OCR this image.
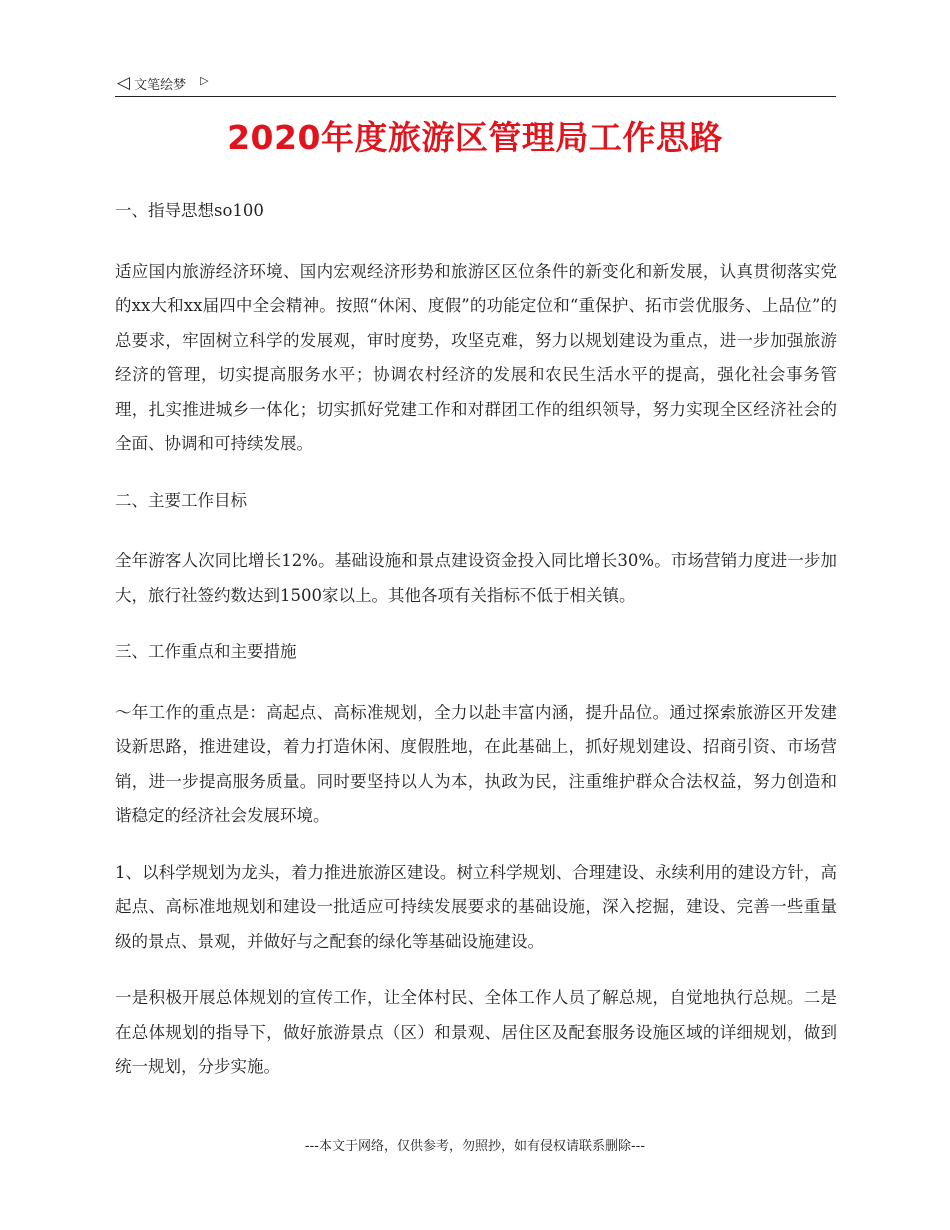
◁ 文笔绘梦 ▷
2020年度旅游区管理局工作思路

一、指导思想so100

适应国内旅游经济环境、国内宏观经济形势和旅游区区位条件的新变化和新发展，认真贯彻落实党的xx大和xx届四中全会精神。按照“休闲、度假”的功能定位和“重保护、拓市尝优服务、上品位”的总要求，牢固树立科学的发展观，审时度势，攻坚克难，努力以规划建设为重点，进一步加强旅游经济的管理，切实提高服务水平；协调农村经济的发展和农民生活水平的提高，强化社会事务管理，扎实推进城乡一体化；切实抓好党建工作和对群团工作的组织领导，努力实现全区经济社会的全面、协调和可持续发展。

二、主要工作目标

全年游客人次同比增长12%。基础设施和景点建设资金投入同比增长30%。市场营销力度进一步加大，旅行社签约数达到1500家以上。其他各项有关指标不低于相关镇。

三、工作重点和主要措施

～年工作的重点是：高起点、高标准规划，全力以赴丰富内涵，提升品位。通过探索旅游区开发建设新思路，推进建设，着力打造休闲、度假胜地，在此基础上，抓好规划建设、招商引资、市场营销，进一步提高服务质量。同时要坚持以人为本，执政为民，注重维护群众合法权益，努力创造和谐稳定的经济社会发展环境。

1、以科学规划为龙头，着力推进旅游区建设。树立科学规划、合理建设、永续利用的建设方针，高起点、高标准地规划和建设一批适应可持续发展要求的基础设施，深入挖掘，建设、完善一些重量级的景点、景观，并做好与之配套的绿化等基础设施建设。

一是积极开展总体规划的宣传工作，让全体村民、全体工作人员了解总规，自觉地执行总规。二是在总体规划的指导下，做好旅游景点（区）和景观、居住区及配套服务设施区域的详细规划，做到统一规划，分步实施。

---本文于网络，仅供参考，勿照抄，如有侵权请联系删除---
